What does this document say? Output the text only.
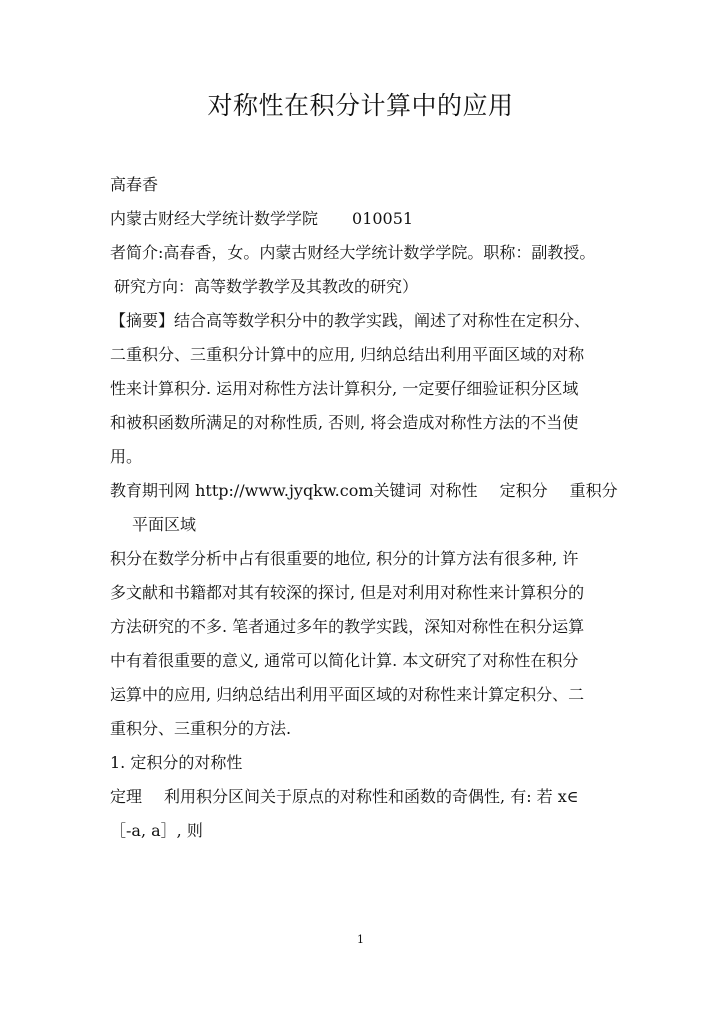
对称性在积分计算中的应用
高春香
内蒙古财经大学统计数学学院 010051
者简介:高春香，女。内蒙古财经大学统计数学学院。职称：副教授。
研究方向：高等数学教学及其教改的研究）
【摘要】结合高等数学积分中的教学实践，阐述了对称性在定积分、
二重积分、三重积分计算中的应用, 归纳总结出利用平面区域的对称
性来计算积分. 运用对称性方法计算积分, 一定要仔细验证积分区域
和被积函数所满足的对称性质, 否则, 将会造成对称性方法的不当使
用。
教育期刊网 http://www.jyqkw.com关键词 对称性 定积分 重积分
平面区域
积分在数学分析中占有很重要的地位, 积分的计算方法有很多种, 许
多文献和书籍都对其有较深的探讨, 但是对利用对称性来计算积分的
方法研究的不多. 笔者通过多年的教学实践，深知对称性在积分运算
中有着很重要的意义, 通常可以简化计算. 本文研究了对称性在积分
运算中的应用, 归纳总结出利用平面区域的对称性来计算定积分、二
重积分、三重积分的方法.
1. 定积分的对称性
定理 利用积分区间关于原点的对称性和函数的奇偶性, 有: 若 x∈
［-a, a］, 则
1
